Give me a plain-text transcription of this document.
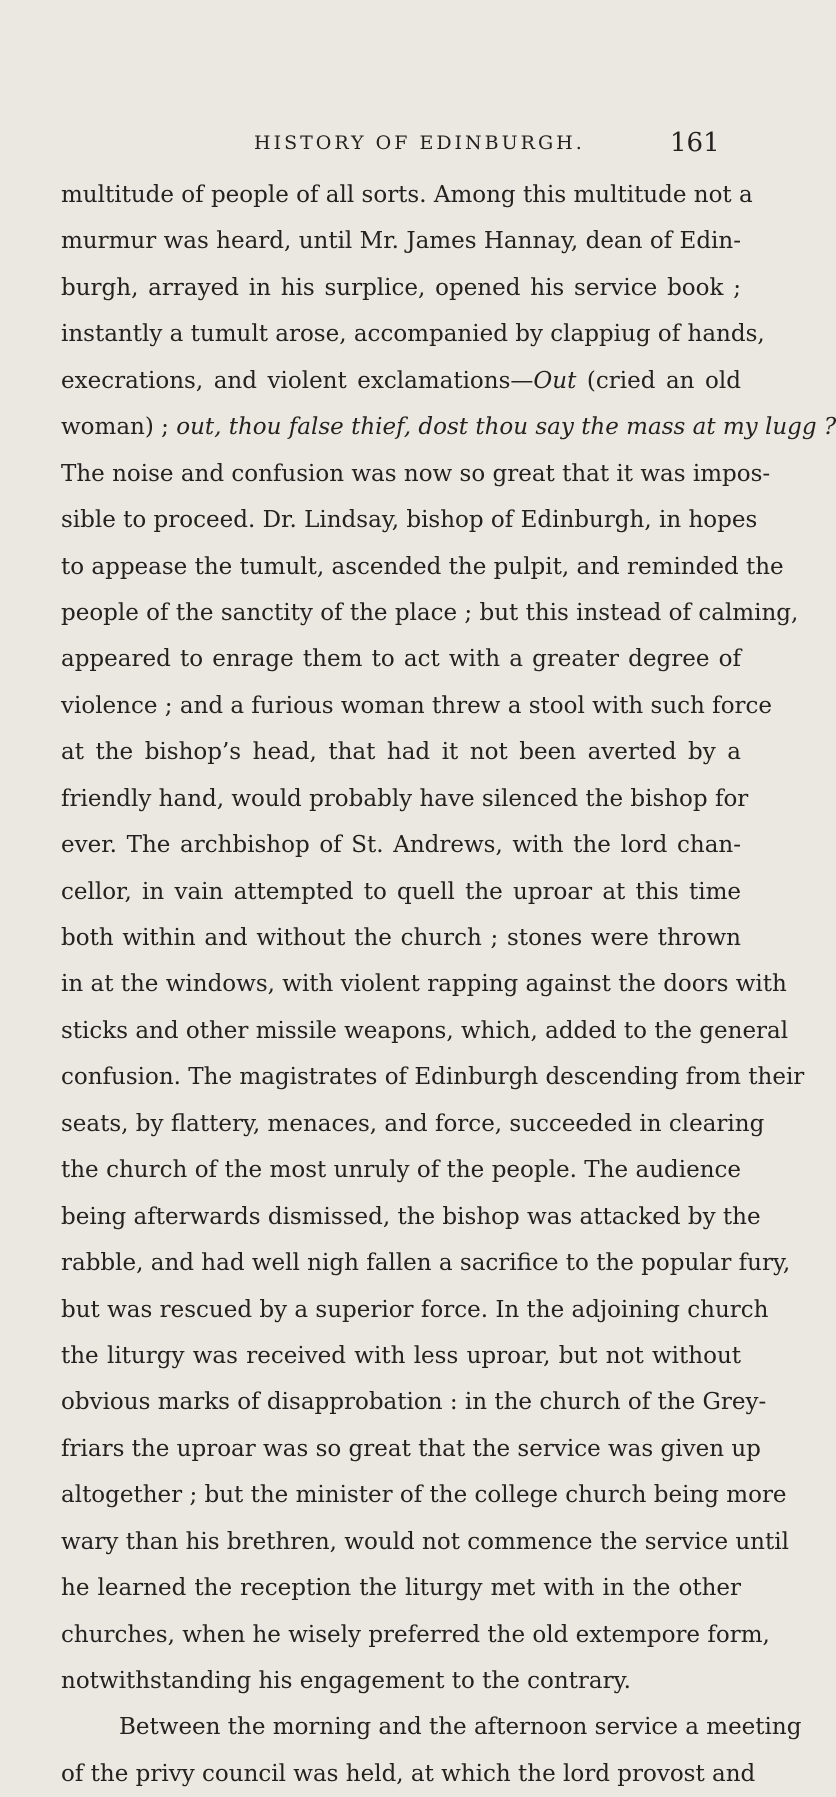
HISTORY OF EDINBURGH.	161
multitude of people of all sorts. Among this multitude not a
murmur was heard, until Mr. James Hannay, dean of Edin-
burgh, arrayed in his surplice, opened his service book ;
instantly a tumult arose, accompanied by clappiug of hands,
execrations, and violent exclamations—Out (cried an old
woman) ; out, thou false thief, dost thou say the mass at my lugg ?
The noise and confusion was now so great that it was impos-
sible to proceed. Dr. Lindsay, bishop of Edinburgh, in hopes
to appease the tumult, ascended the pulpit, and reminded the
people of the sanctity of the place ; but this instead of calming,
appeared to enrage them to act with a greater degree of
violence ; and a furious woman threw a stool with such force
at the bishop’s head, that had it not been averted by a
friendly hand, would probably have silenced the bishop for
ever. The archbishop of St. Andrews, with the lord chan-
cellor, in vain attempted to quell the uproar at this time
both within and without the church ; stones were thrown
in at the windows, with violent rapping against the doors with
sticks and other missile weapons, which, added to the general
confusion. The magistrates of Edinburgh descending from their
seats, by flattery, menaces, and force, succeeded in clearing
the church of the most unruly of the people. The audience
being afterwards dismissed, the bishop was attacked by the
rabble, and had well nigh fallen a sacrifice to the popular fury,
but was rescued by a superior force. In the adjoining church
the liturgy was received with less uproar, but not without
obvious marks of disapprobation : in the church of the Grey-
friars the uproar was so great that the service was given up
altogether ; but the minister of the college church being more
wary than his brethren, would not commence the service until
he learned the reception the liturgy met with in the other
churches, when he wisely preferred the old extempore form,
notwithstanding his engagement to the contrary.
Between the morning and the afternoon service a meeting
of the privy council was held, at which the lord provost and
